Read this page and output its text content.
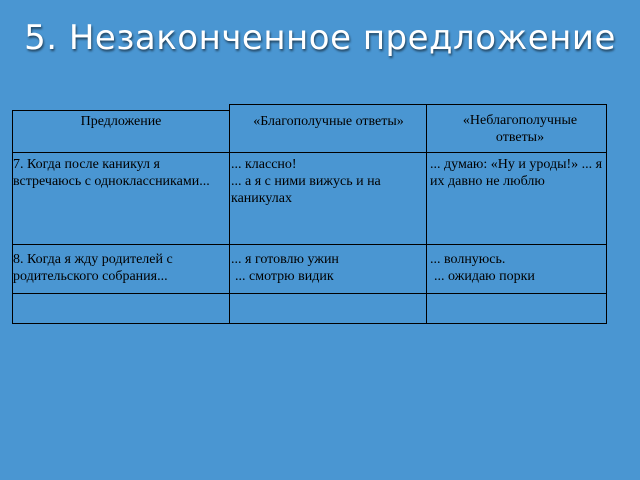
5. Незаконченное предложение
Предложение	«Благополучные ответы»	«Неблагополучные ответы»
7. Когда после каникул я встречаюсь с одноклассниками...
... классно!
... а я с ними вижусь и на каникулах
... думаю: «Ну и уроды!» ... я их давно не люблю
8. Когда я жду родителей с родительского собрания...
... я готовлю ужин
... смотрю видик
... волнуюсь.
... ожидаю порки
